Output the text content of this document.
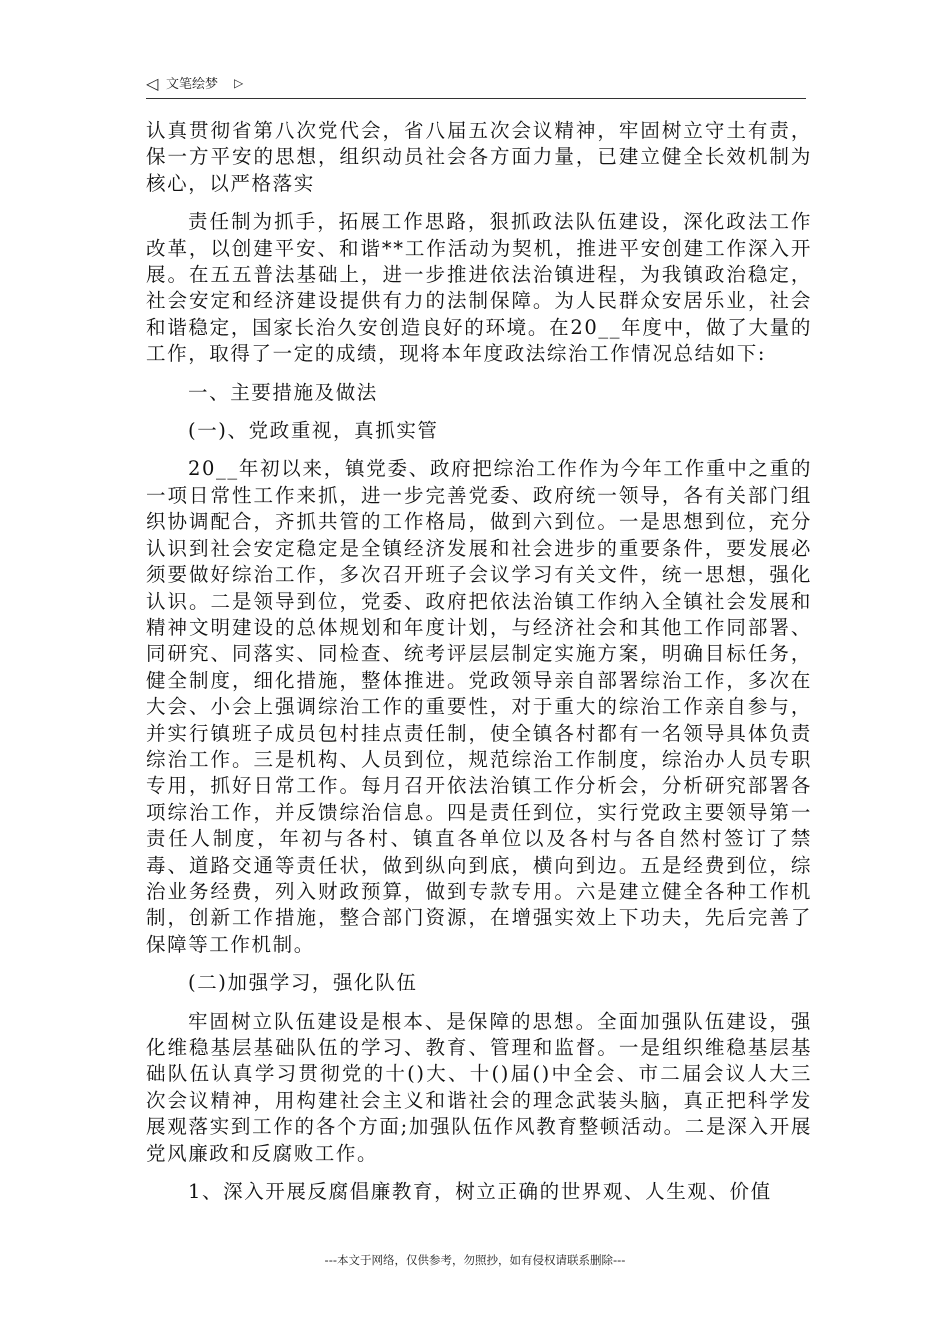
◁ 文笔绘梦 ▷

认真贯彻省第八次党代会，省八届五次会议精神，牢固树立守土有责，保一方平安的思想，组织动员社会各方面力量，已建立健全长效机制为核心，以严格落实

责任制为抓手，拓展工作思路，狠抓政法队伍建设，深化政法工作改革，以创建平安、和谐**工作活动为契机，推进平安创建工作深入开展。在五五普法基础上，进一步推进依法治镇进程，为我镇政治稳定，社会安定和经济建设提供有力的法制保障。为人民群众安居乐业，社会和谐稳定，国家长治久安创造良好的环境。在20__年度中，做了大量的工作，取得了一定的成绩，现将本年度政法综治工作情况总结如下:

一、主要措施及做法

(一)、党政重视，真抓实管

20__年初以来，镇党委、政府把综治工作作为今年工作重中之重的一项日常性工作来抓，进一步完善党委、政府统一领导，各有关部门组织协调配合，齐抓共管的工作格局，做到六到位。一是思想到位，充分认识到社会安定稳定是全镇经济发展和社会进步的重要条件，要发展必须要做好综治工作，多次召开班子会议学习有关文件，统一思想，强化认识。二是领导到位，党委、政府把依法治镇工作纳入全镇社会发展和精神文明建设的总体规划和年度计划，与经济社会和其他工作同部署、同研究、同落实、同检查、统考评层层制定实施方案，明确目标任务，健全制度，细化措施，整体推进。党政领导亲自部署综治工作，多次在大会、小会上强调综治工作的重要性，对于重大的综治工作亲自参与，并实行镇班子成员包村挂点责任制，使全镇各村都有一名领导具体负责综治工作。三是机构、人员到位，规范综治工作制度，综治办人员专职专用，抓好日常工作。每月召开依法治镇工作分析会，分析研究部署各项综治工作，并反馈综治信息。四是责任到位，实行党政主要领导第一责任人制度，年初与各村、镇直各单位以及各村与各自然村签订了禁毒、道路交通等责任状，做到纵向到底，横向到边。五是经费到位，综治业务经费，列入财政预算，做到专款专用。六是建立健全各种工作机制，创新工作措施，整合部门资源，在增强实效上下功夫，先后完善了保障等工作机制。

(二)加强学习，强化队伍

牢固树立队伍建设是根本、是保障的思想。全面加强队伍建设，强化维稳基层基础队伍的学习、教育、管理和监督。一是组织维稳基层基础队伍认真学习贯彻党的十()大、十()届()中全会、市二届会议人大三次会议精神，用构建社会主义和谐社会的理念武装头脑，真正把科学发展观落实到工作的各个方面;加强队伍作风教育整顿活动。二是深入开展党风廉政和反腐败工作。

1、深入开展反腐倡廉教育，树立正确的世界观、人生观、价值

---本文于网络，仅供参考，勿照抄，如有侵权请联系删除---
